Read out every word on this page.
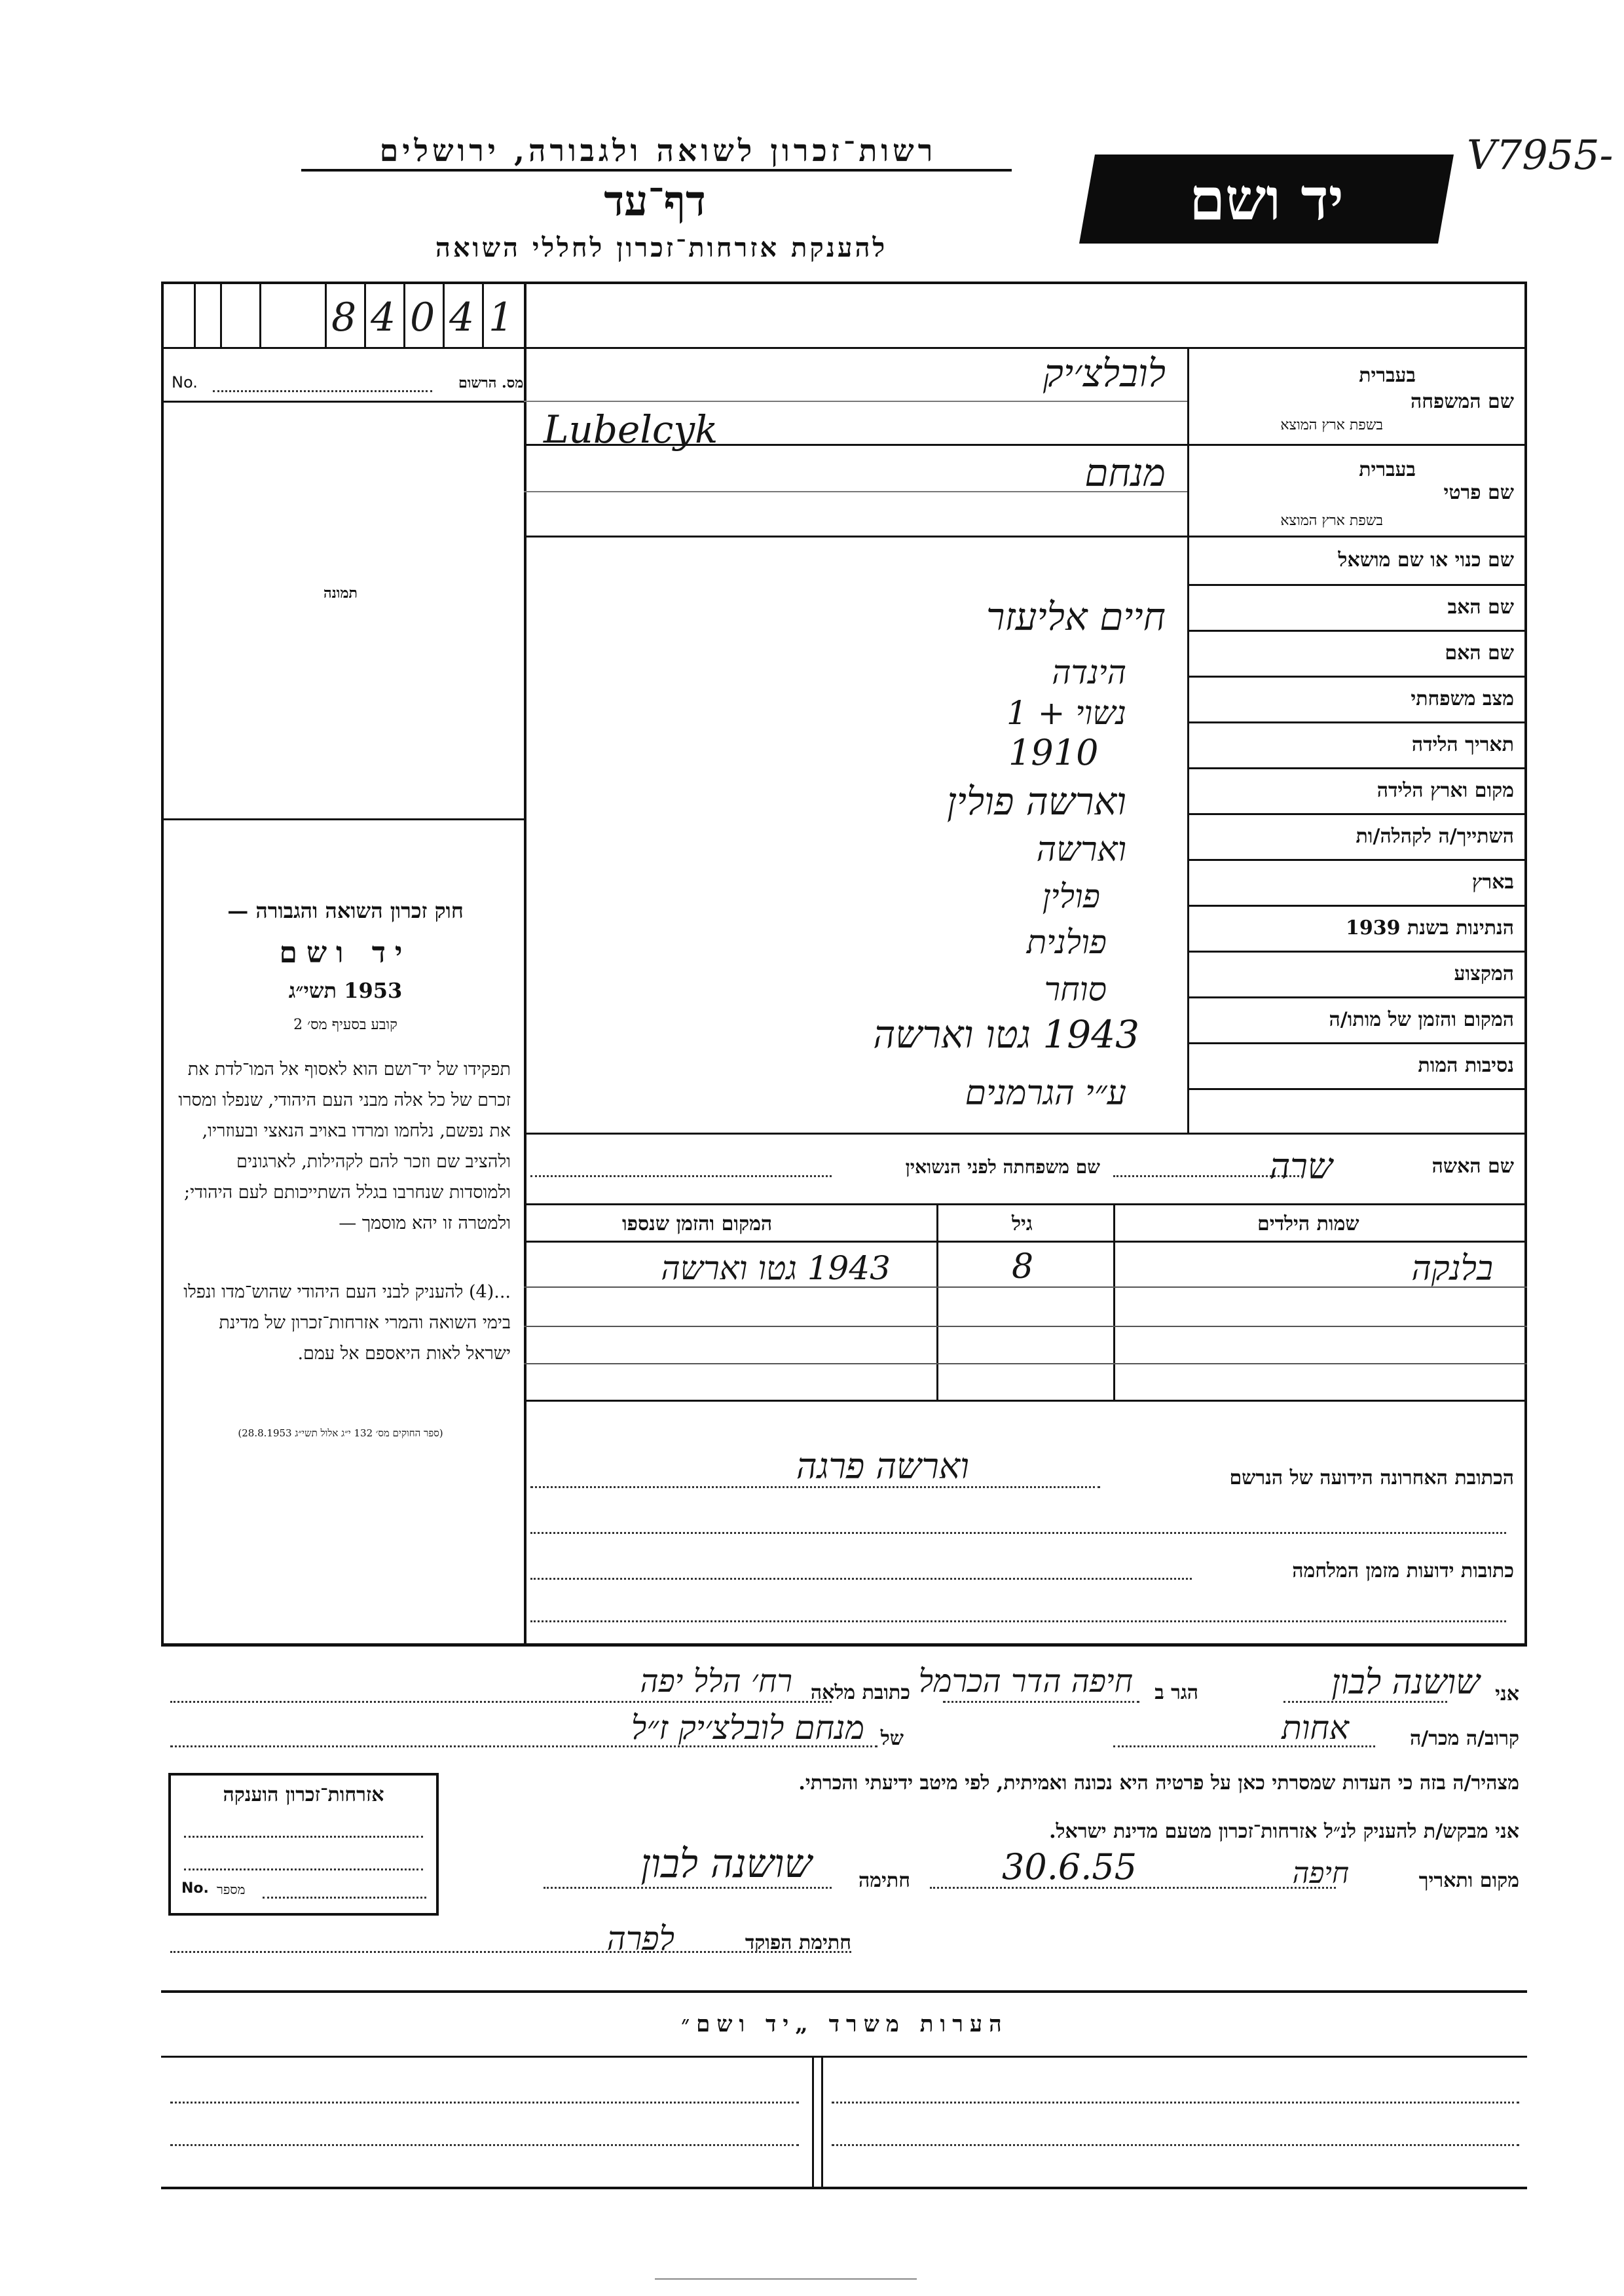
רשות־זכרון לשואה ולגבורה, ירושלים
דף־עד
להענקת אזרחות־זכרון לחללי השואה
יד ושם
V7955-
8 4 0 4 1
מס. הרשום
No.
תמונה
חוק זכרון השואה והגבורה —
יד ושם
1953 תשי״ג
קובע בסעיף מס׳ 2
תפקידו של יד־ושם הוא לאסוף אל המו־לדת את זכרם של כל אלה מבני העם היהודי, שנפלו ומסרו את נפשם, נלחמו ומרדו באויב הנאצי ובעוזריו, ולהציב שם וזכר להם לקהילות, לארגונים ולמוסדות שנחרבו בגלל השתייכותם לעם היהודי; ולמטרה זו יהא מוסמך —
...(4) להעניק לבני העם היהודי שהוש־מדו ונפלו בימי השואה והמרי אזרחות־זכרון של מדינת ישראל לאות היאספם אל עמם.
(ספר החוקים מס׳ 132 י״ג אלול תשי״ג 28.8.1953)
שם המשפחה
בעברית
בשפת ארץ המוצא
שם פרטי
בעברית
בשפת ארץ המוצא
שם כנוי או שם מושאל
שם האב
שם האם
מצב משפחתי
תאריך הלידה
מקום וארץ הלידה
השתייך/ה לקהלה/ות
בארץ
הנתינות בשנת 1939
המקצוע
המקום והזמן של מותו/ה
נסיבות המות
לובלצ׳יק
Lubelcyk
מנחם
חיים אליעזר
הינדה
נשוי + 1
1910
וארשה פולין
וארשה
פולין
פולנית
סוחר
1943 גטו וארשה
ע״י הגרמנים
שם האשה
שרה
שם משפחתה לפני הנשואין
שמות הילדים
גיל
המקום והזמן שנספו
בלנקה
8
1943 גטו וארשה
הכתובת האחרונה הידועה של הנרשם
וארשה פרגה
כתובות ידועות מזמן המלחמה
אני
שושנה לבון
הגר ב
חיפה הדר הכרמל
כתובת מלאה
רח׳ הלל יפה
קרוב/ה מכר/ה
אחות
של
מנחם לובלצ׳יק ז״ל
מצהיר/ה בזה כי העדות שמסרתי כאן על פרטיה היא נכונה ואמיתית, לפי מיטב ידיעתי והכרתי.
אני מבקש/ת להעניק לנ״ל אזרחות־זכרון מטעם מדינת ישראל.
מקום ותאריך
חיפה
30.6.55
חתימה
שושנה לבון
חתימת הפוקד
לפרה
אזרחות־זכרון הוענקה
No. מספר
הערות משרד „יד ושם״
